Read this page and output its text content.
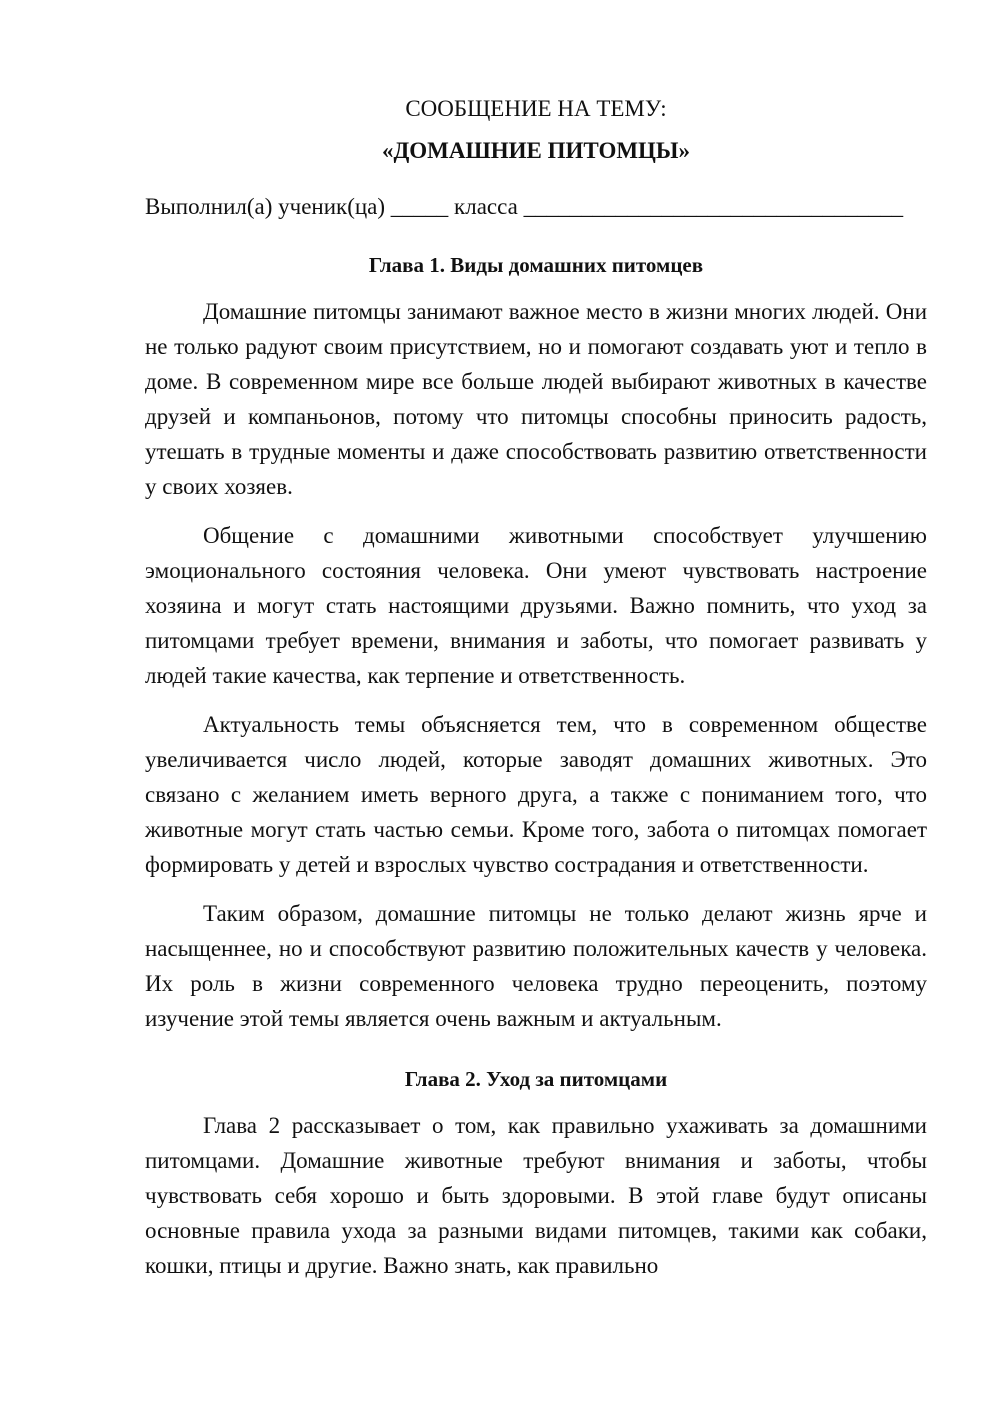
СООБЩЕНИЕ НА ТЕМУ:
«ДОМАШНИЕ ПИТОМЦЫ»

Выполнил(а) ученик(ца) _____ класса _________________________________

Глава 1. Виды домашних питомцев

Домашние питомцы занимают важное место в жизни многих людей. Они не только радуют своим присутствием, но и помогают создавать уют и тепло в доме. В современном мире все больше людей выбирают животных в качестве друзей и компаньонов, потому что питомцы способны приносить радость, утешать в трудные моменты и даже способствовать развитию ответственности у своих хозяев.

Общение с домашними животными способствует улучшению эмоционального состояния человека. Они умеют чувствовать настроение хозяина и могут стать настоящими друзьями. Важно помнить, что уход за питомцами требует времени, внимания и заботы, что помогает развивать у людей такие качества, как терпение и ответственность.

Актуальность темы объясняется тем, что в современном обществе увеличивается число людей, которые заводят домашних животных. Это связано с желанием иметь верного друга, а также с пониманием того, что животные могут стать частью семьи. Кроме того, забота о питомцах помогает формировать у детей и взрослых чувство сострадания и ответственности.

Таким образом, домашние питомцы не только делают жизнь ярче и насыщеннее, но и способствуют развитию положительных качеств у человека. Их роль в жизни современного человека трудно переоценить, поэтому изучение этой темы является очень важным и актуальным.

Глава 2. Уход за питомцами

Глава 2 рассказывает о том, как правильно ухаживать за домашними питомцами. Домашние животные требуют внимания и заботы, чтобы чувствовать себя хорошо и быть здоровыми. В этой главе будут описаны основные правила ухода за разными видами питомцев, такими как собаки, кошки, птицы и другие. Важно знать, как правильно
